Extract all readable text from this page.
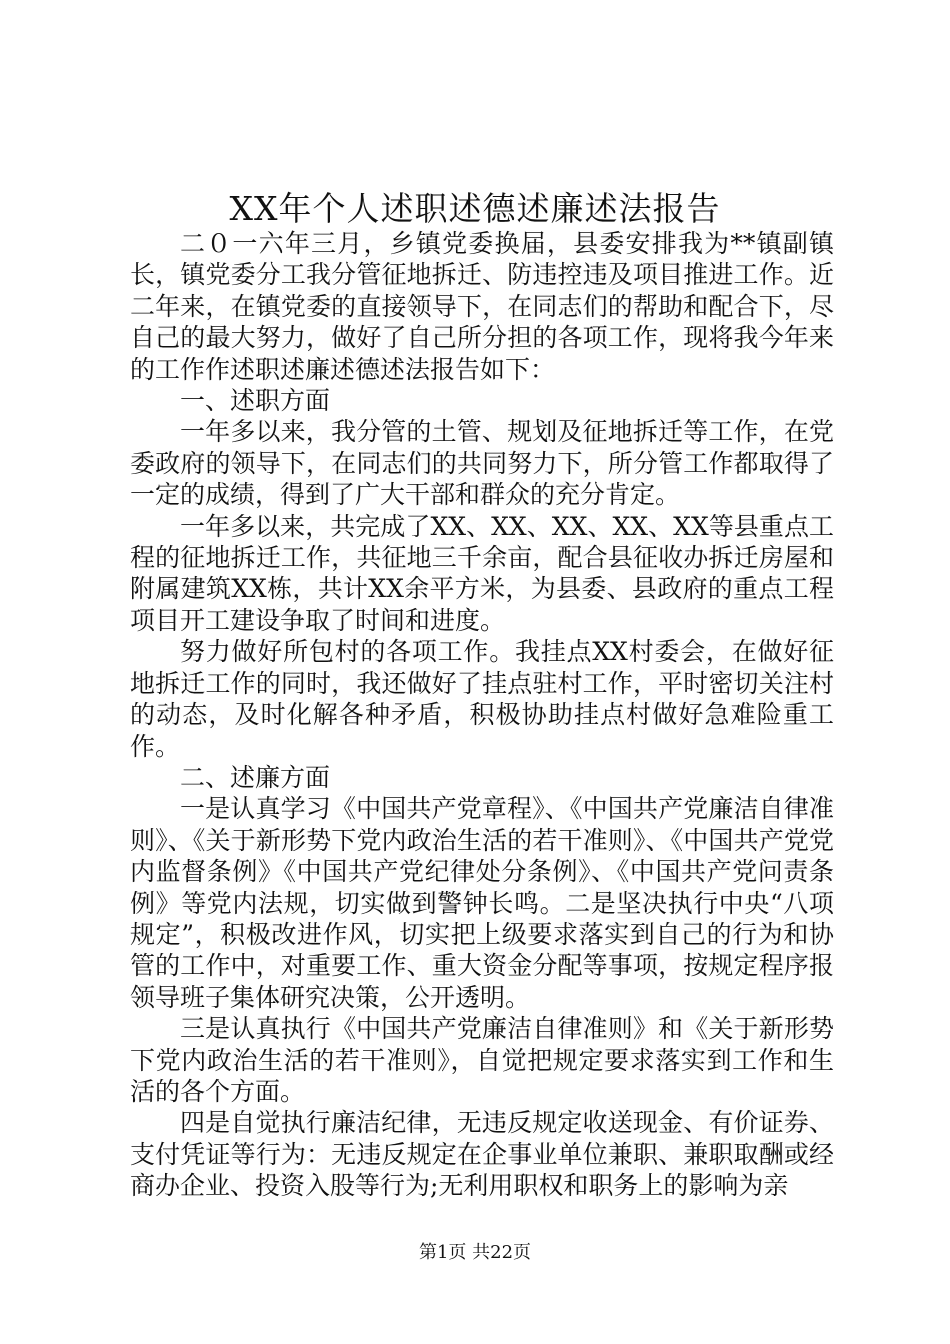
XX年个人述职述德述廉述法报告

二０一六年三月，乡镇党委换届，县委安排我为**镇副镇长，镇党委分工我分管征地拆迁、防违控违及项目推进工作。近二年来，在镇党委的直接领导下，在同志们的帮助和配合下，尽自己的最大努力，做好了自己所分担的各项工作，现将我今年来的工作作述职述廉述德述法报告如下：

一、述职方面

一年多以来，我分管的土管、规划及征地拆迁等工作，在党委政府的领导下，在同志们的共同努力下，所分管工作都取得了一定的成绩，得到了广大干部和群众的充分肯定。

一年多以来，共完成了XX、XX、XX、XX、XX等县重点工程的征地拆迁工作，共征地三千余亩，配合县征收办拆迁房屋和附属建筑XX栋，共计XX余平方米，为县委、县政府的重点工程项目开工建设争取了时间和进度。

努力做好所包村的各项工作。我挂点XX村委会，在做好征地拆迁工作的同时，我还做好了挂点驻村工作，平时密切关注村的动态，及时化解各种矛盾，积极协助挂点村做好急难险重工作。

二、述廉方面

一是认真学习《中国共产党章程》、《中国共产党廉洁自律准则》、《关于新形势下党内政治生活的若干准则》、《中国共产党党内监督条例》《中国共产党纪律处分条例》、《中国共产党问责条例》等党内法规，切实做到警钟长鸣。二是坚决执行中央“八项规定”，积极改进作风，切实把上级要求落实到自己的行为和协管的工作中，对重要工作、重大资金分配等事项，按规定程序报领导班子集体研究决策，公开透明。

三是认真执行《中国共产党廉洁自律准则》和《关于新形势下党内政治生活的若干准则》，自觉把规定要求落实到工作和生活的各个方面。

四是自觉执行廉洁纪律，无违反规定收送现金、有价证券、支付凭证等行为：无违反规定在企事业单位兼职、兼职取酬或经商办企业、投资入股等行为;无利用职权和职务上的影响为亲

第1页 共22页
